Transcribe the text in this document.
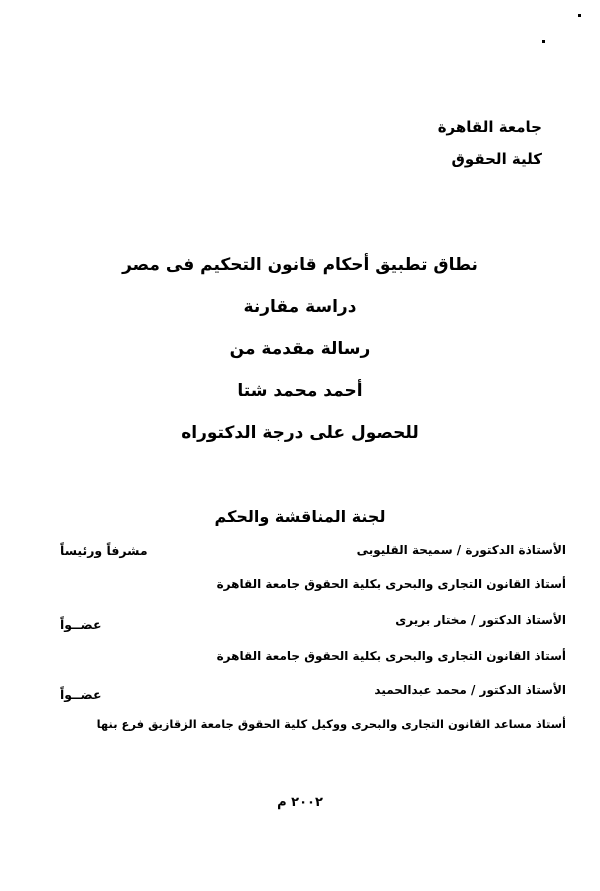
جامعة القاهرة
كلية الحقوق
نطاق تطبيق أحكام قانون التحكيم فى مصر
دراسة مقارنة
رسالة مقدمة من
أحمد محمد شتا
للحصول على درجة الدكتوراه
لجنة المناقشة والحكم
الأستاذة الدكتورة / سميحة القليوبى
مشرفاً ورئيساً
أستاذ القانون التجارى والبحرى بكلية الحقوق جامعة القاهرة
الأستاذ الدكتور / مختار بريرى
عضــواً
أستاذ القانون التجارى والبحرى بكلية الحقوق جامعة القاهرة
الأستاذ الدكتور / محمد عبدالحميد
عضــواً
أستاذ مساعد القانون التجارى والبحرى ووكيل كلية الحقوق جامعة الزقازيق فرع بنها
٢٠٠٢ م
